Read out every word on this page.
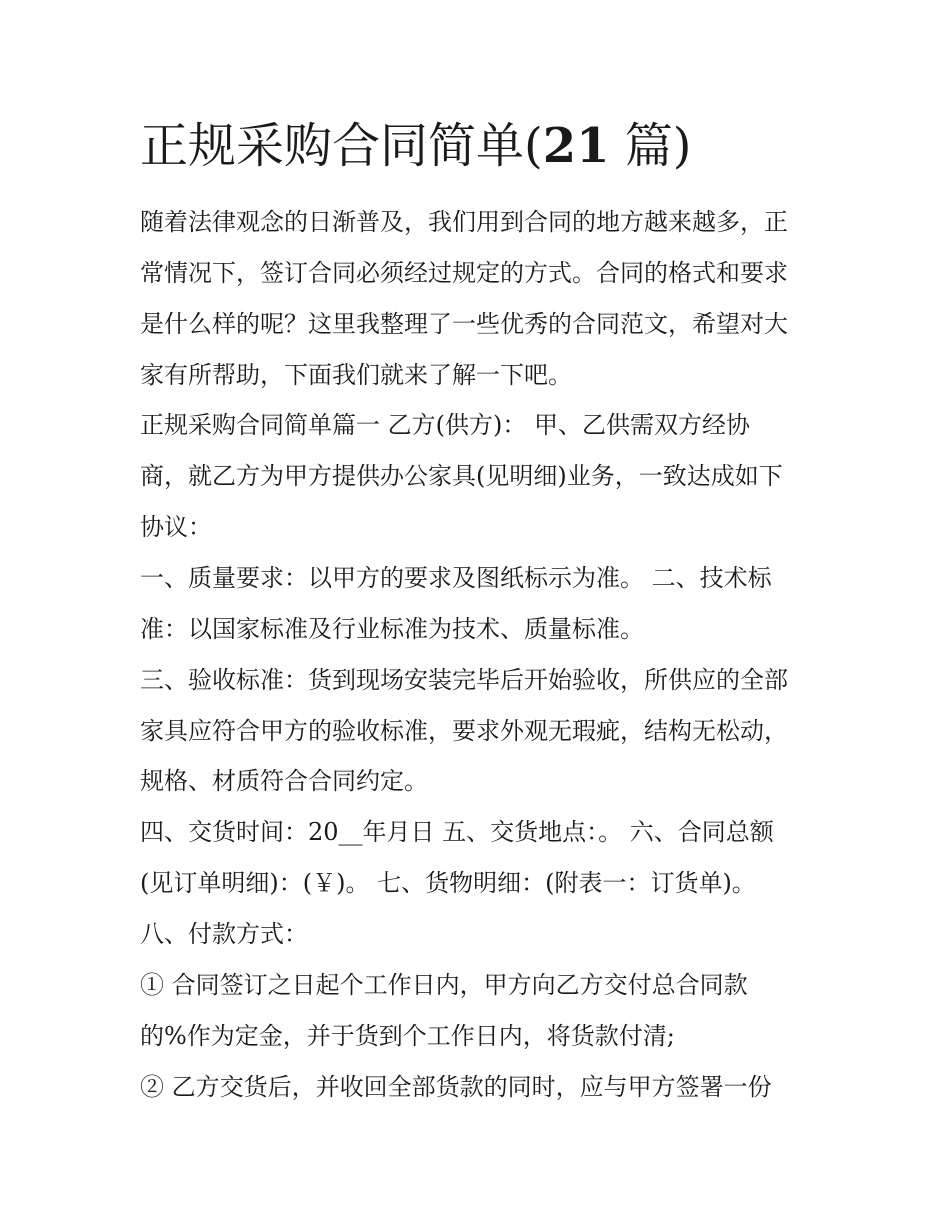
正规采购合同简单(21 篇)

随着法律观念的日渐普及，我们用到合同的地方越来越多，正

常情况下，签订合同必须经过规定的方式。合同的格式和要求

是什么样的呢？这里我整理了一些优秀的合同范文，希望对大

家有所帮助，下面我们就来了解一下吧。

正规采购合同简单篇一 乙方(供方)： 甲、乙供需双方经协

商，就乙方为甲方提供办公家具(见明细)业务，一致达成如下

协议：

一、质量要求：以甲方的要求及图纸标示为准。 二、技术标

准：以国家标准及行业标准为技术、质量标准。

三、验收标准：货到现场安装完毕后开始验收，所供应的全部

家具应符合甲方的验收标准，要求外观无瑕疵，结构无松动，

规格、材质符合合同约定。

四、交货时间：20__年月日 五、交货地点：。 六、合同总额

(见订单明细)：(￥)。 七、货物明细：(附表一：订货单)。

八、付款方式：

① 合同签订之日起个工作日内，甲方向乙方交付总合同款

的%作为定金，并于货到个工作日内，将货款付清;

② 乙方交货后，并收回全部货款的同时，应与甲方签署一份
